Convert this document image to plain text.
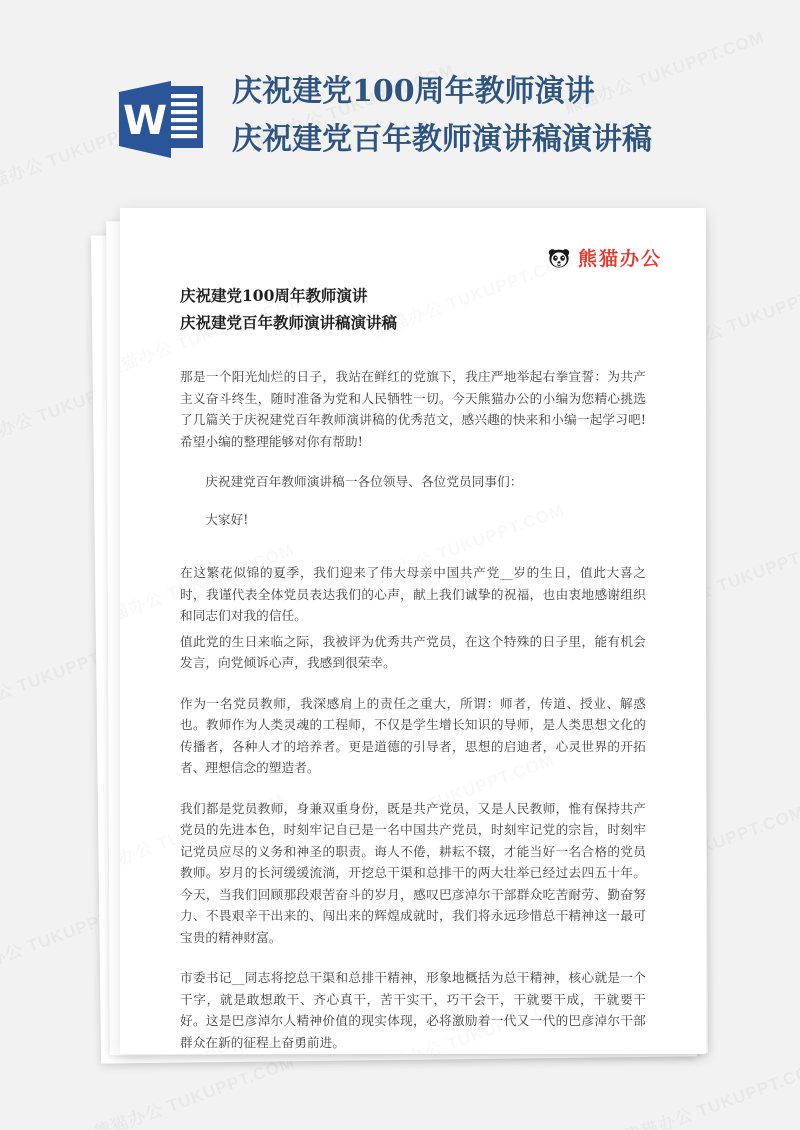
W
庆祝建党100周年教师演讲
庆祝建党百年教师演讲稿演讲稿
熊猫办公
庆祝建党100周年教师演讲
庆祝建党百年教师演讲稿演讲稿

那是一个阳光灿烂的日子，我站在鲜红的党旗下，我庄严地举起右拳宣誓：为共产主义奋斗终生，随时准备为党和人民牺牲一切。今天熊猫办公的小编为您精心挑选了几篇关于庆祝建党百年教师演讲稿的优秀范文，感兴趣的快来和小编一起学习吧!希望小编的整理能够对你有帮助!

庆祝建党百年教师演讲稿一各位领导、各位党员同事们：

大家好!

在这繁花似锦的夏季，我们迎来了伟大母亲中国共产党__岁的生日，值此大喜之时，我谨代表全体党员表达我们的心声，献上我们诚挚的祝福，也由衷地感谢组织和同志们对我的信任。

值此党的生日来临之际，我被评为优秀共产党员，在这个特殊的日子里，能有机会发言，向党倾诉心声，我感到很荣幸。

作为一名党员教师，我深感肩上的责任之重大，所谓：师者，传道、授业、解惑也。教师作为人类灵魂的工程师，不仅是学生增长知识的导师，是人类思想文化的传播者，各种人才的培养者。更是道德的引导者，思想的启迪者，心灵世界的开拓者、理想信念的塑造者。

我们都是党员教师，身兼双重身份，既是共产党员，又是人民教师，惟有保持共产党员的先进本色，时刻牢记自已是一名中国共产党员，时刻牢记党的宗旨，时刻牢记党员应尽的义务和神圣的职责。诲人不倦，耕耘不辍，才能当好一名合格的党员教师。岁月的长河缓缓流淌，开挖总干渠和总排干的两大壮举已经过去四五十年。今天，当我们回顾那段艰苦奋斗的岁月，感叹巴彦淖尔干部群众吃苦耐劳、勤奋努力、不畏艰辛干出来的、闯出来的辉煌成就时，我们将永远珍惜总干精神这一最可宝贵的精神财富。

市委书记__同志将挖总干渠和总排干精神，形象地概括为总干精神，核心就是一个干字，就是敢想敢干、齐心真干，苦干实干，巧干会干，干就要干成，干就要干好。这是巴彦淖尔人精神价值的现实体现，必将激励着一代又一代的巴彦淖尔干部群众在新的征程上奋勇前进。
